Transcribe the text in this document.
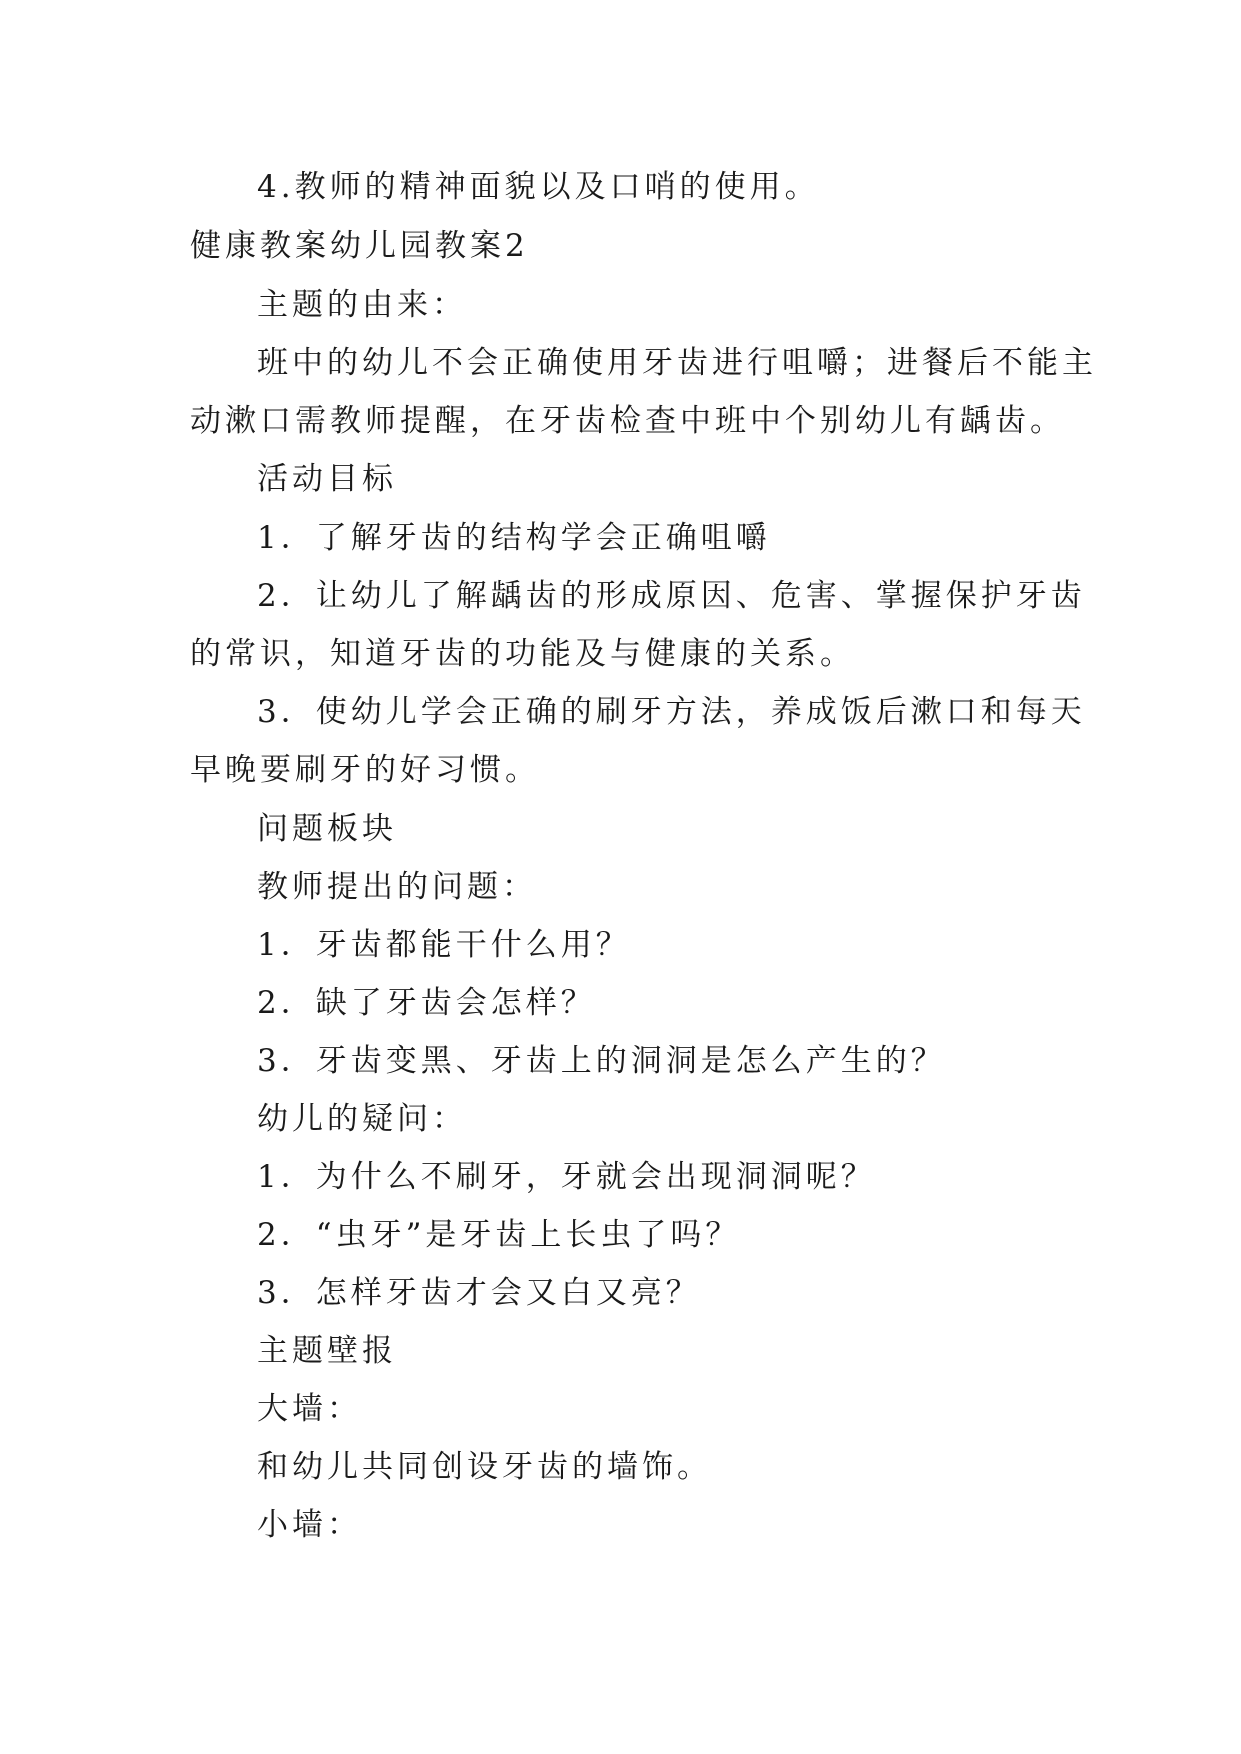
4.教师的精神面貌以及口哨的使用。
健康教案幼儿园教案2
主题的由来：
班中的幼儿不会正确使用牙齿进行咀嚼；进餐后不能主
动漱口需教师提醒，在牙齿检查中班中个别幼儿有龋齿。
活动目标
1．了解牙齿的结构学会正确咀嚼
2．让幼儿了解龋齿的形成原因、危害、掌握保护牙齿
的常识，知道牙齿的功能及与健康的关系。
3．使幼儿学会正确的刷牙方法，养成饭后漱口和每天
早晚要刷牙的好习惯。
问题板块
教师提出的问题：
1．牙齿都能干什么用？
2．缺了牙齿会怎样？
3．牙齿变黑、牙齿上的洞洞是怎么产生的？
幼儿的疑问：
1．为什么不刷牙，牙就会出现洞洞呢？
2．“虫牙”是牙齿上长虫了吗？
3．怎样牙齿才会又白又亮？
主题壁报
大墙：
和幼儿共同创设牙齿的墙饰。
小墙：
